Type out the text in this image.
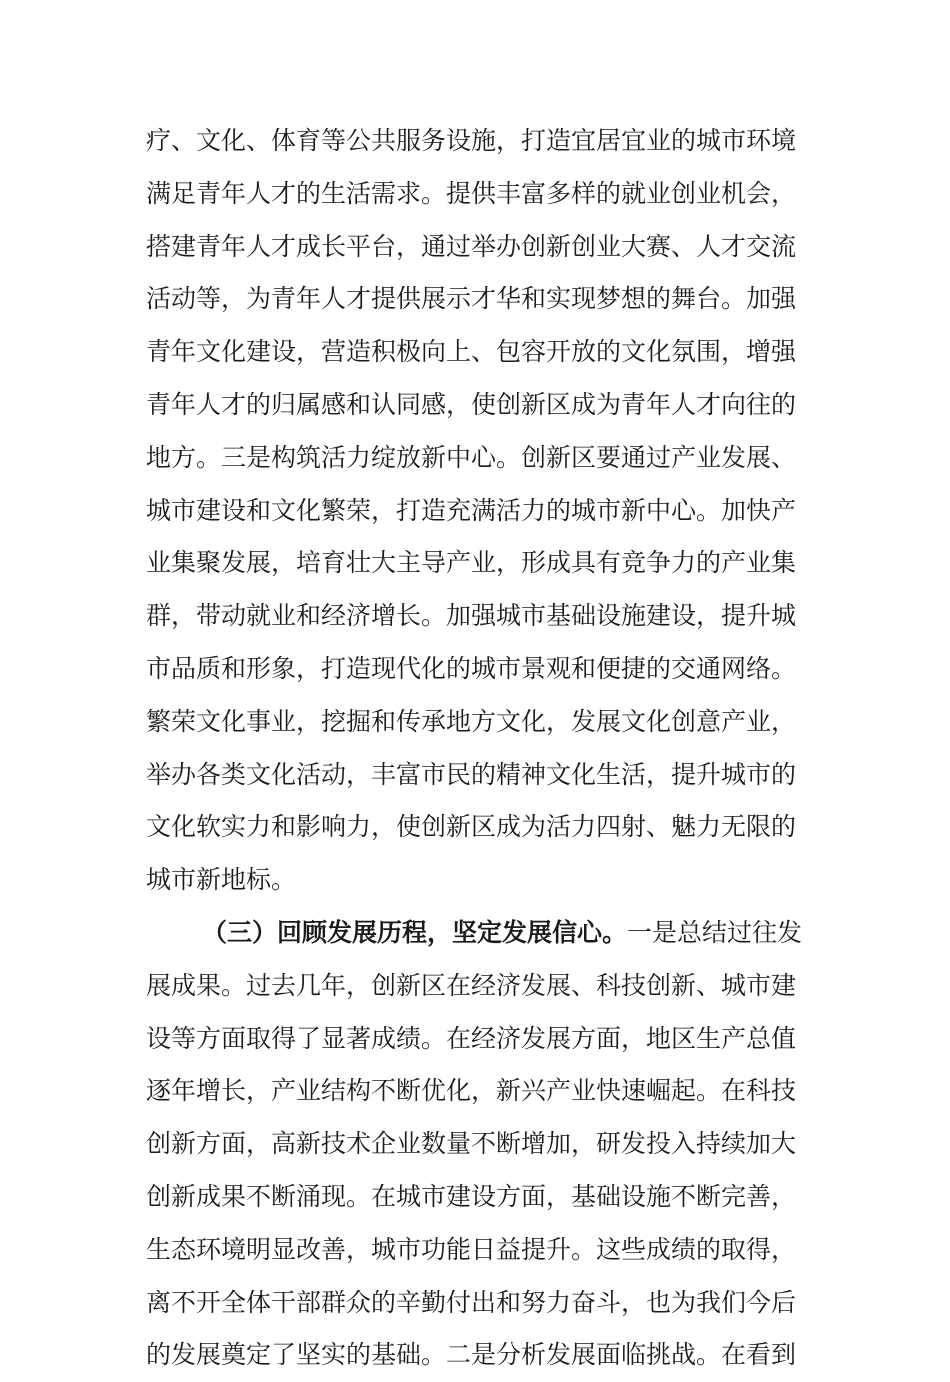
疗、文化、体育等公共服务设施，打造宜居宜业的城市环境
满足青年人才的生活需求。提供丰富多样的就业创业机会，
搭建青年人才成长平台，通过举办创新创业大赛、人才交流
活动等，为青年人才提供展示才华和实现梦想的舞台。加强
青年文化建设，营造积极向上、包容开放的文化氛围，增强
青年人才的归属感和认同感，使创新区成为青年人才向往的
地方。三是构筑活力绽放新中心。创新区要通过产业发展、
城市建设和文化繁荣，打造充满活力的城市新中心。加快产
业集聚发展，培育壮大主导产业，形成具有竞争力的产业集
群，带动就业和经济增长。加强城市基础设施建设，提升城
市品质和形象，打造现代化的城市景观和便捷的交通网络。
繁荣文化事业，挖掘和传承地方文化，发展文化创意产业，
举办各类文化活动，丰富市民的精神文化生活，提升城市的
文化软实力和影响力，使创新区成为活力四射、魅力无限的
城市新地标。
（三）回顾发展历程，坚定发展信心。一是总结过往发
展成果。过去几年，创新区在经济发展、科技创新、城市建
设等方面取得了显著成绩。在经济发展方面，地区生产总值
逐年增长，产业结构不断优化，新兴产业快速崛起。在科技
创新方面，高新技术企业数量不断增加，研发投入持续加大
创新成果不断涌现。在城市建设方面，基础设施不断完善，
生态环境明显改善，城市功能日益提升。这些成绩的取得，
离不开全体干部群众的辛勤付出和努力奋斗，也为我们今后
的发展奠定了坚实的基础。二是分析发展面临挑战。在看到
